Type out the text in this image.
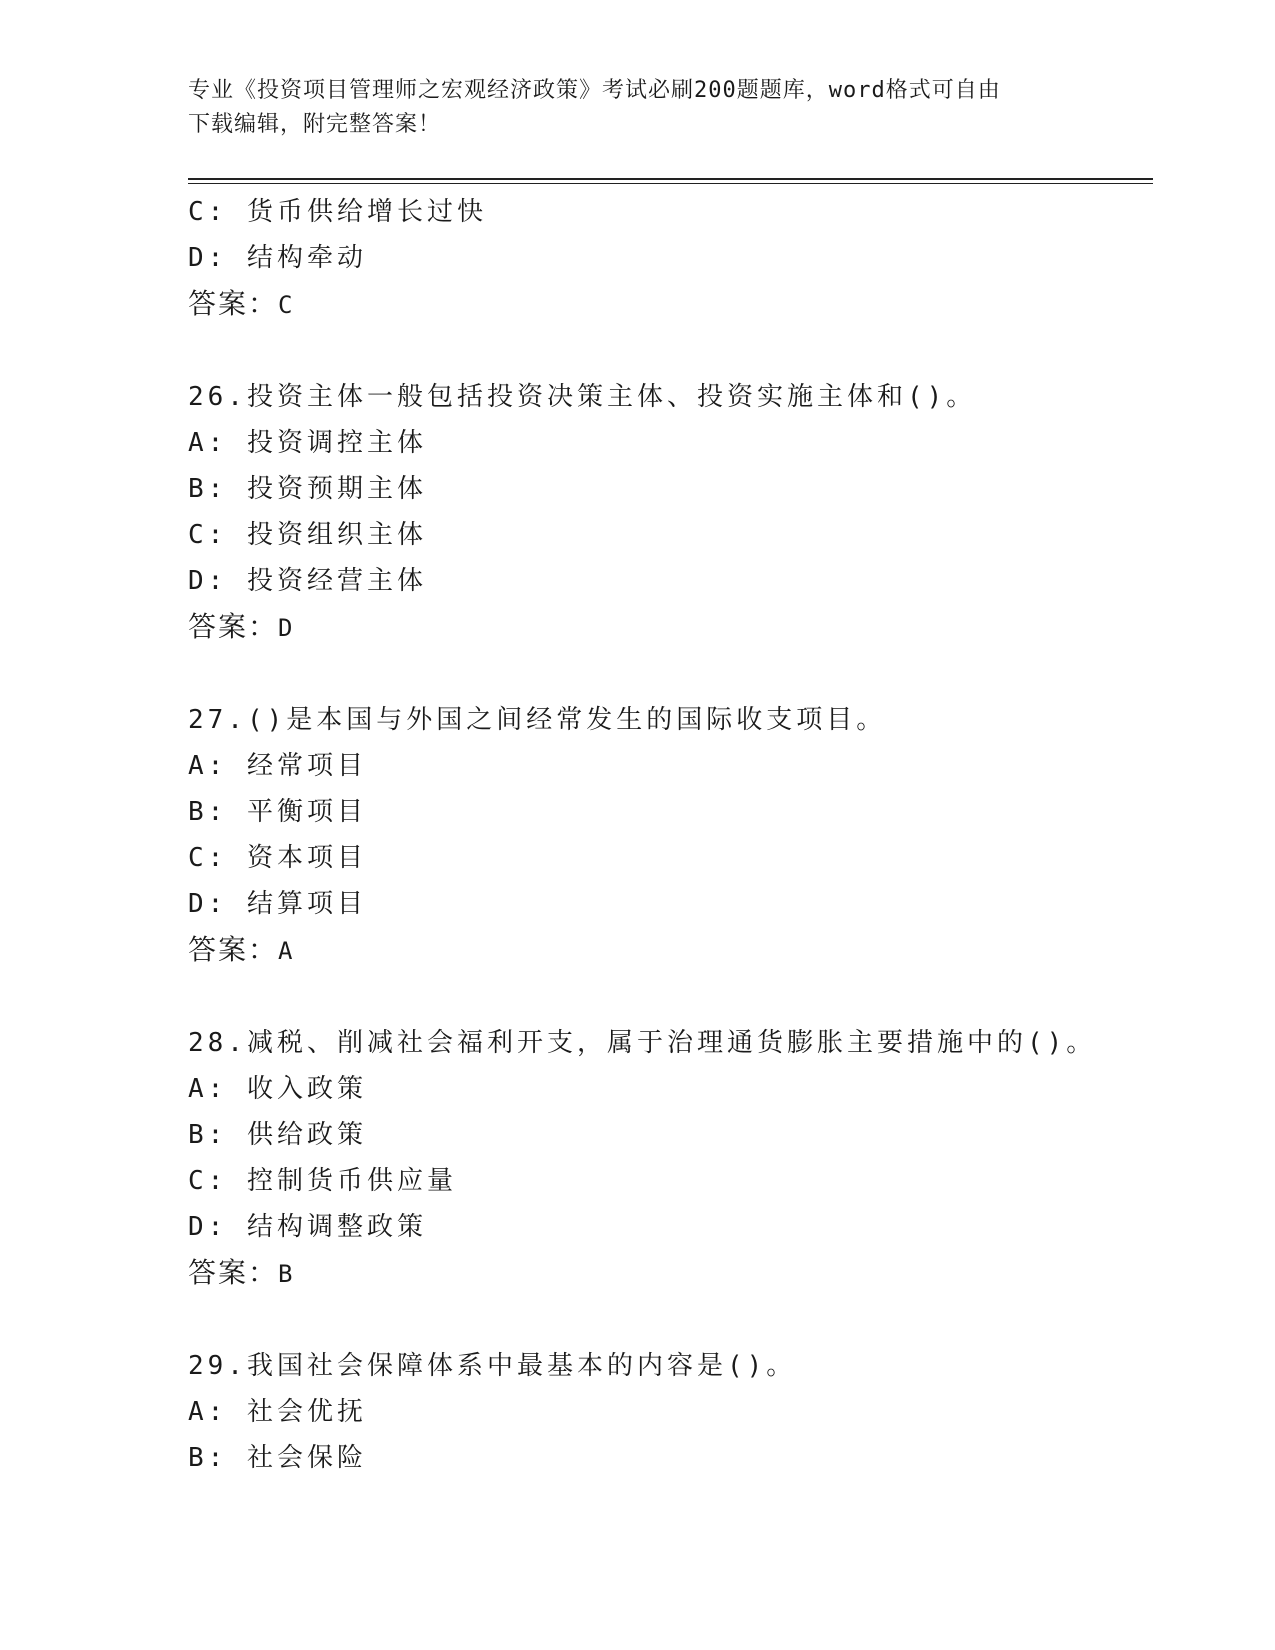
专业《投资项目管理师之宏观经济政策》考试必刷200题题库，word格式可自由
下载编辑，附完整答案！
C: 货币供给增长过快
D: 结构牵动
答案：C
26.投资主体一般包括投资决策主体、投资实施主体和()。
A: 投资调控主体
B: 投资预期主体
C: 投资组织主体
D: 投资经营主体
答案：D
27.()是本国与外国之间经常发生的国际收支项目。
A: 经常项目
B: 平衡项目
C: 资本项目
D: 结算项目
答案：A
28.减税、削减社会福利开支，属于治理通货膨胀主要措施中的()。
A: 收入政策
B: 供给政策
C: 控制货币供应量
D: 结构调整政策
答案：B
29.我国社会保障体系中最基本的内容是()。
A: 社会优抚
B: 社会保险
